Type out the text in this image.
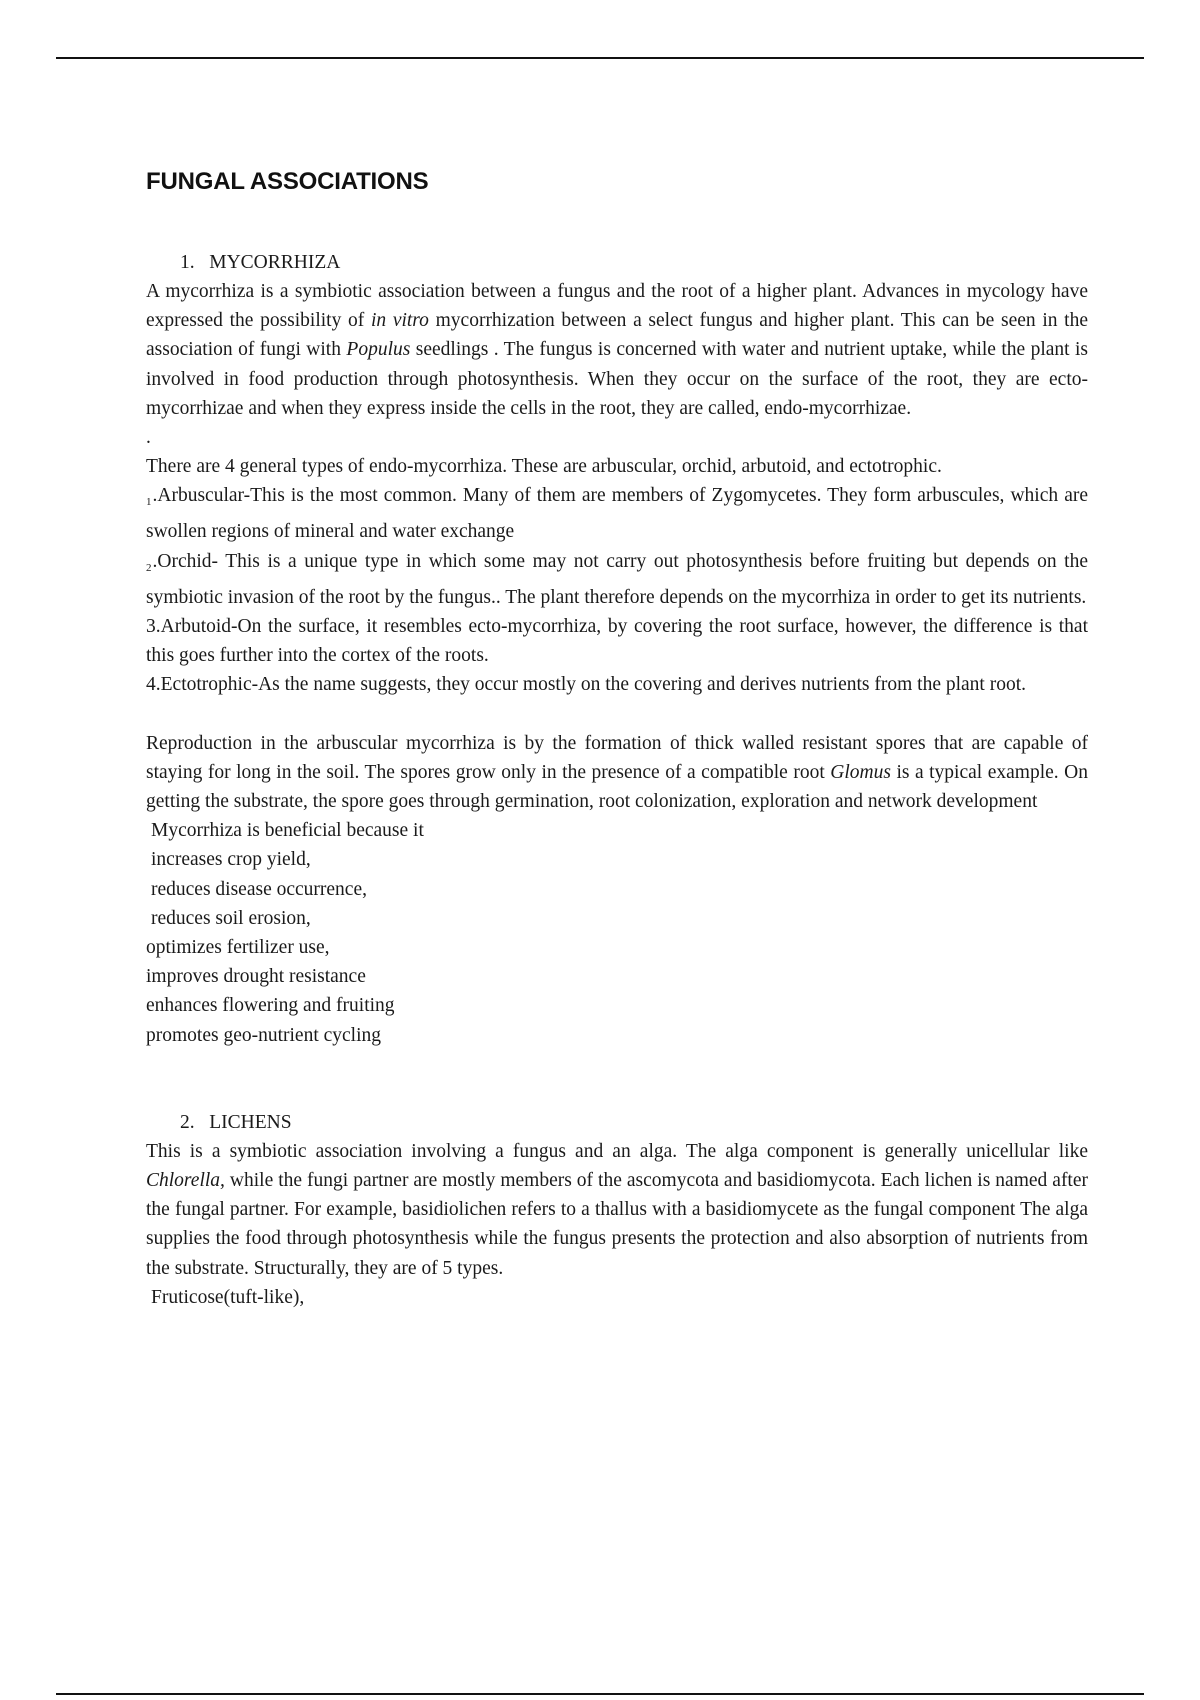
FUNGAL ASSOCIATIONS
1. MYCORRHIZA

A mycorrhiza is a symbiotic association between a fungus and the root of a higher plant. Advances in mycology have expressed the possibility of in vitro mycorrhization between a select fungus and higher plant. This can be seen in the association of fungi with Populus seedlings . The fungus is concerned with water and nutrient uptake, while the plant is involved in food production through photosynthesis. When they occur on the surface of the root, they are ecto-mycorrhizae and when they express inside the cells in the root, they are called, endo-mycorrhizae.

.

There are 4 general types of endo-mycorrhiza. These are arbuscular, orchid, arbutoid, and ectotrophic.

$_1$.Arbuscular-This is the most common. Many of them are members of Zygomycetes. They form arbuscules, which are swollen regions of mineral and water exchange

$_2$.Orchid- This is a unique type in which some may not carry out photosynthesis before fruiting but depends on the symbiotic invasion of the root by the fungus.. The plant therefore depends on the mycorrhiza in order to get its nutrients.

3.Arbutoid-On the surface, it resembles ecto-mycorrhiza, by covering the root surface, however, the difference is that this goes further into the cortex of the roots.

4.Ectotrophic-As the name suggests, they occur mostly on the covering and derives nutrients from the plant root.

Reproduction in the arbuscular mycorrhiza is by the formation of thick walled resistant spores that are capable of staying for long in the soil. The spores grow only in the presence of a compatible root Glomus is a typical example. On getting the substrate, the spore goes through germination, root colonization, exploration and network development

Mycorrhiza is beneficial because it

increases crop yield,

reduces disease occurrence,

reduces soil erosion,

optimizes fertilizer use,

improves drought resistance

enhances flowering and fruiting

promotes geo-nutrient cycling

2. LICHENS

This is a symbiotic association involving a fungus and an alga. The alga component is generally unicellular like Chlorella, while the fungi partner are mostly members of the ascomycota and basidiomycota. Each lichen is named after the fungal partner. For example, basidiolichen refers to a thallus with a basidiomycete as the fungal component The alga supplies the food through photosynthesis while the fungus presents the protection and also absorption of nutrients from the substrate. Structurally, they are of 5 types.

Fruticose(tuft-like),
